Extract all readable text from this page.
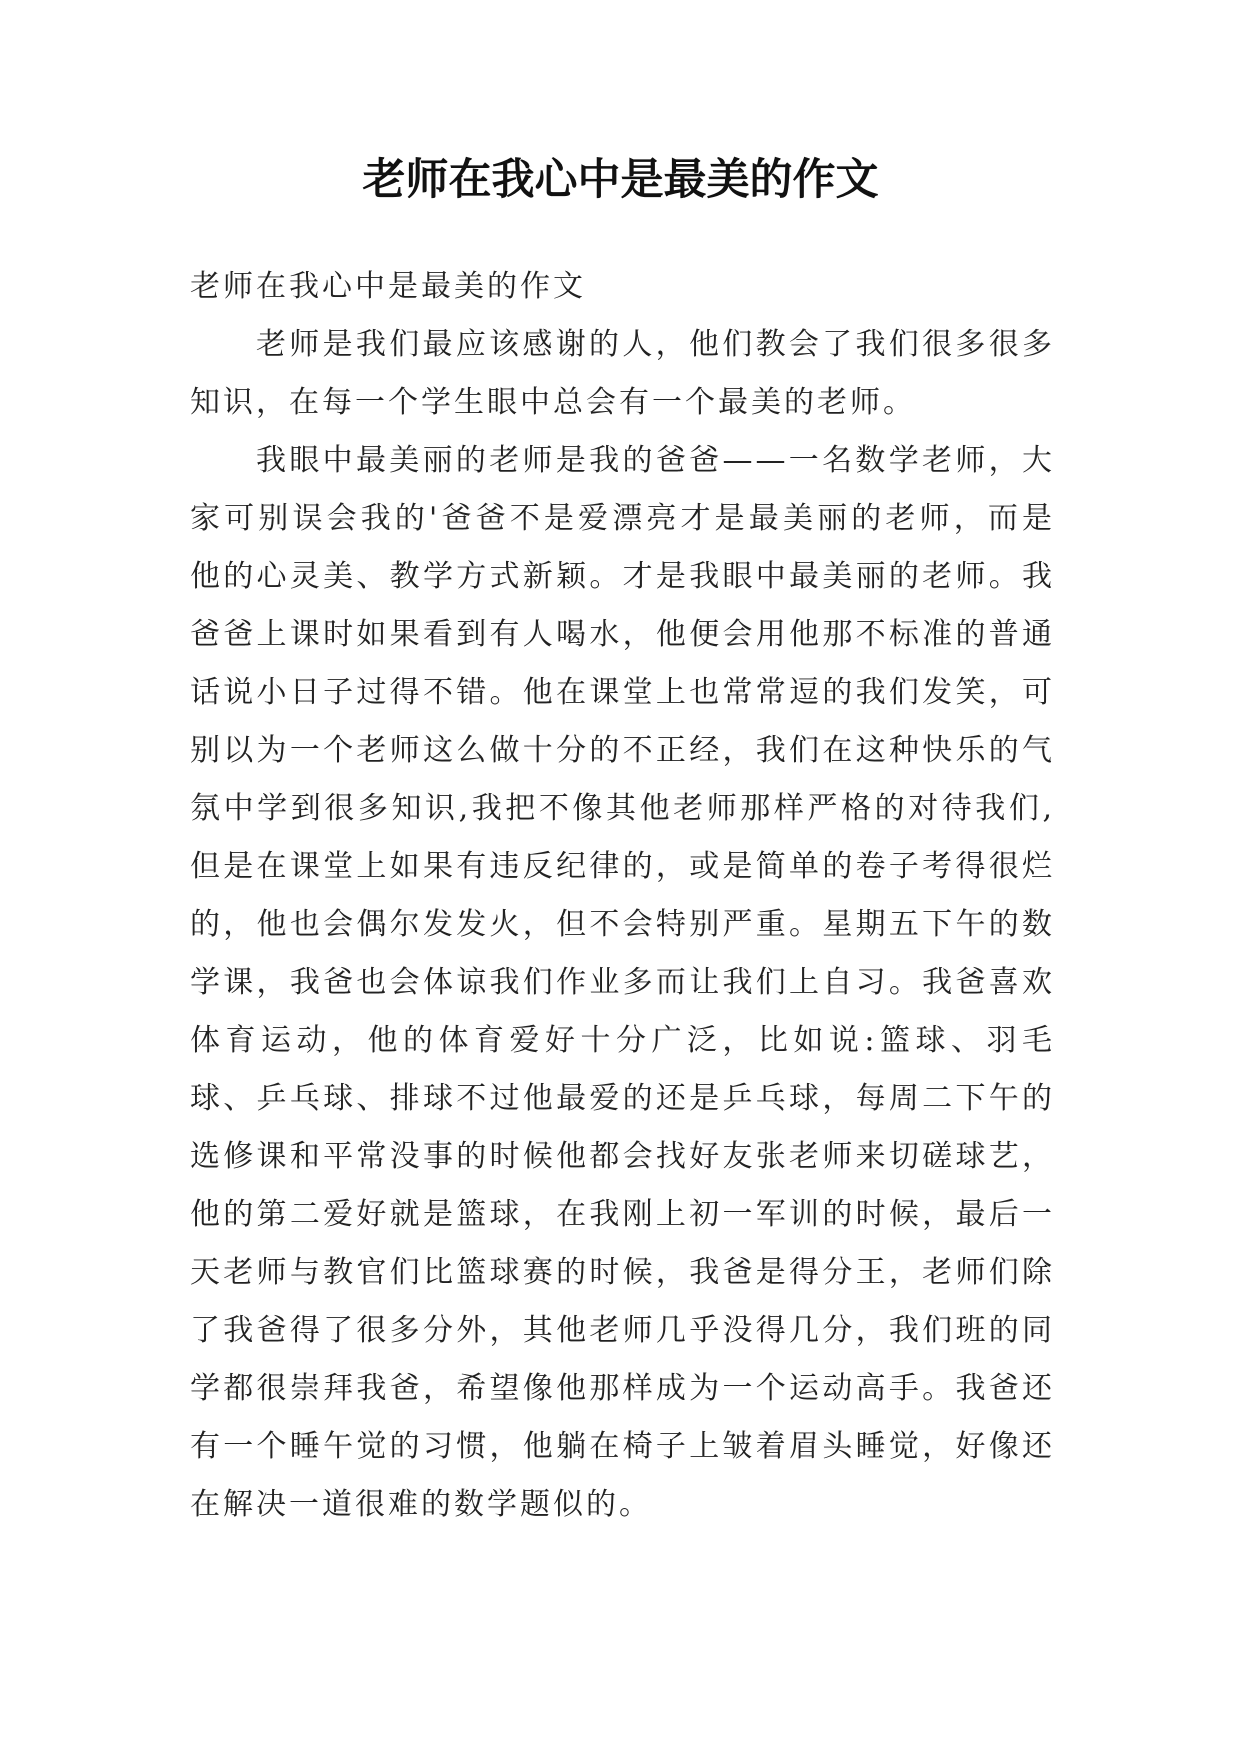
老师在我心中是最美的作文

老师在我心中是最美的作文

老师是我们最应该感谢的人，他们教会了我们很多很多知识，在每一个学生眼中总会有一个最美的老师。

我眼中最美丽的老师是我的爸爸——一名数学老师，大家可别误会我的'爸爸不是爱漂亮才是最美丽的老师，而是他的心灵美、教学方式新颖。才是我眼中最美丽的老师。我爸爸上课时如果看到有人喝水，他便会用他那不标准的普通话说小日子过得不错。他在课堂上也常常逗的我们发笑，可别以为一个老师这么做十分的不正经，我们在这种快乐的气氛中学到很多知识,我把不像其他老师那样严格的对待我们,但是在课堂上如果有违反纪律的，或是简单的卷子考得很烂的，他也会偶尔发发火，但不会特别严重。星期五下午的数学课，我爸也会体谅我们作业多而让我们上自习。我爸喜欢体育运动，他的体育爱好十分广泛，比如说:篮球、羽毛球、乒乓球、排球不过他最爱的还是乒乓球，每周二下午的选修课和平常没事的时候他都会找好友张老师来切磋球艺，他的第二爱好就是篮球，在我刚上初一军训的时候，最后一天老师与教官们比篮球赛的时候，我爸是得分王，老师们除了我爸得了很多分外，其他老师几乎没得几分，我们班的同学都很崇拜我爸，希望像他那样成为一个运动高手。我爸还有一个睡午觉的习惯，他躺在椅子上皱着眉头睡觉，好像还在解决一道很难的数学题似的。
